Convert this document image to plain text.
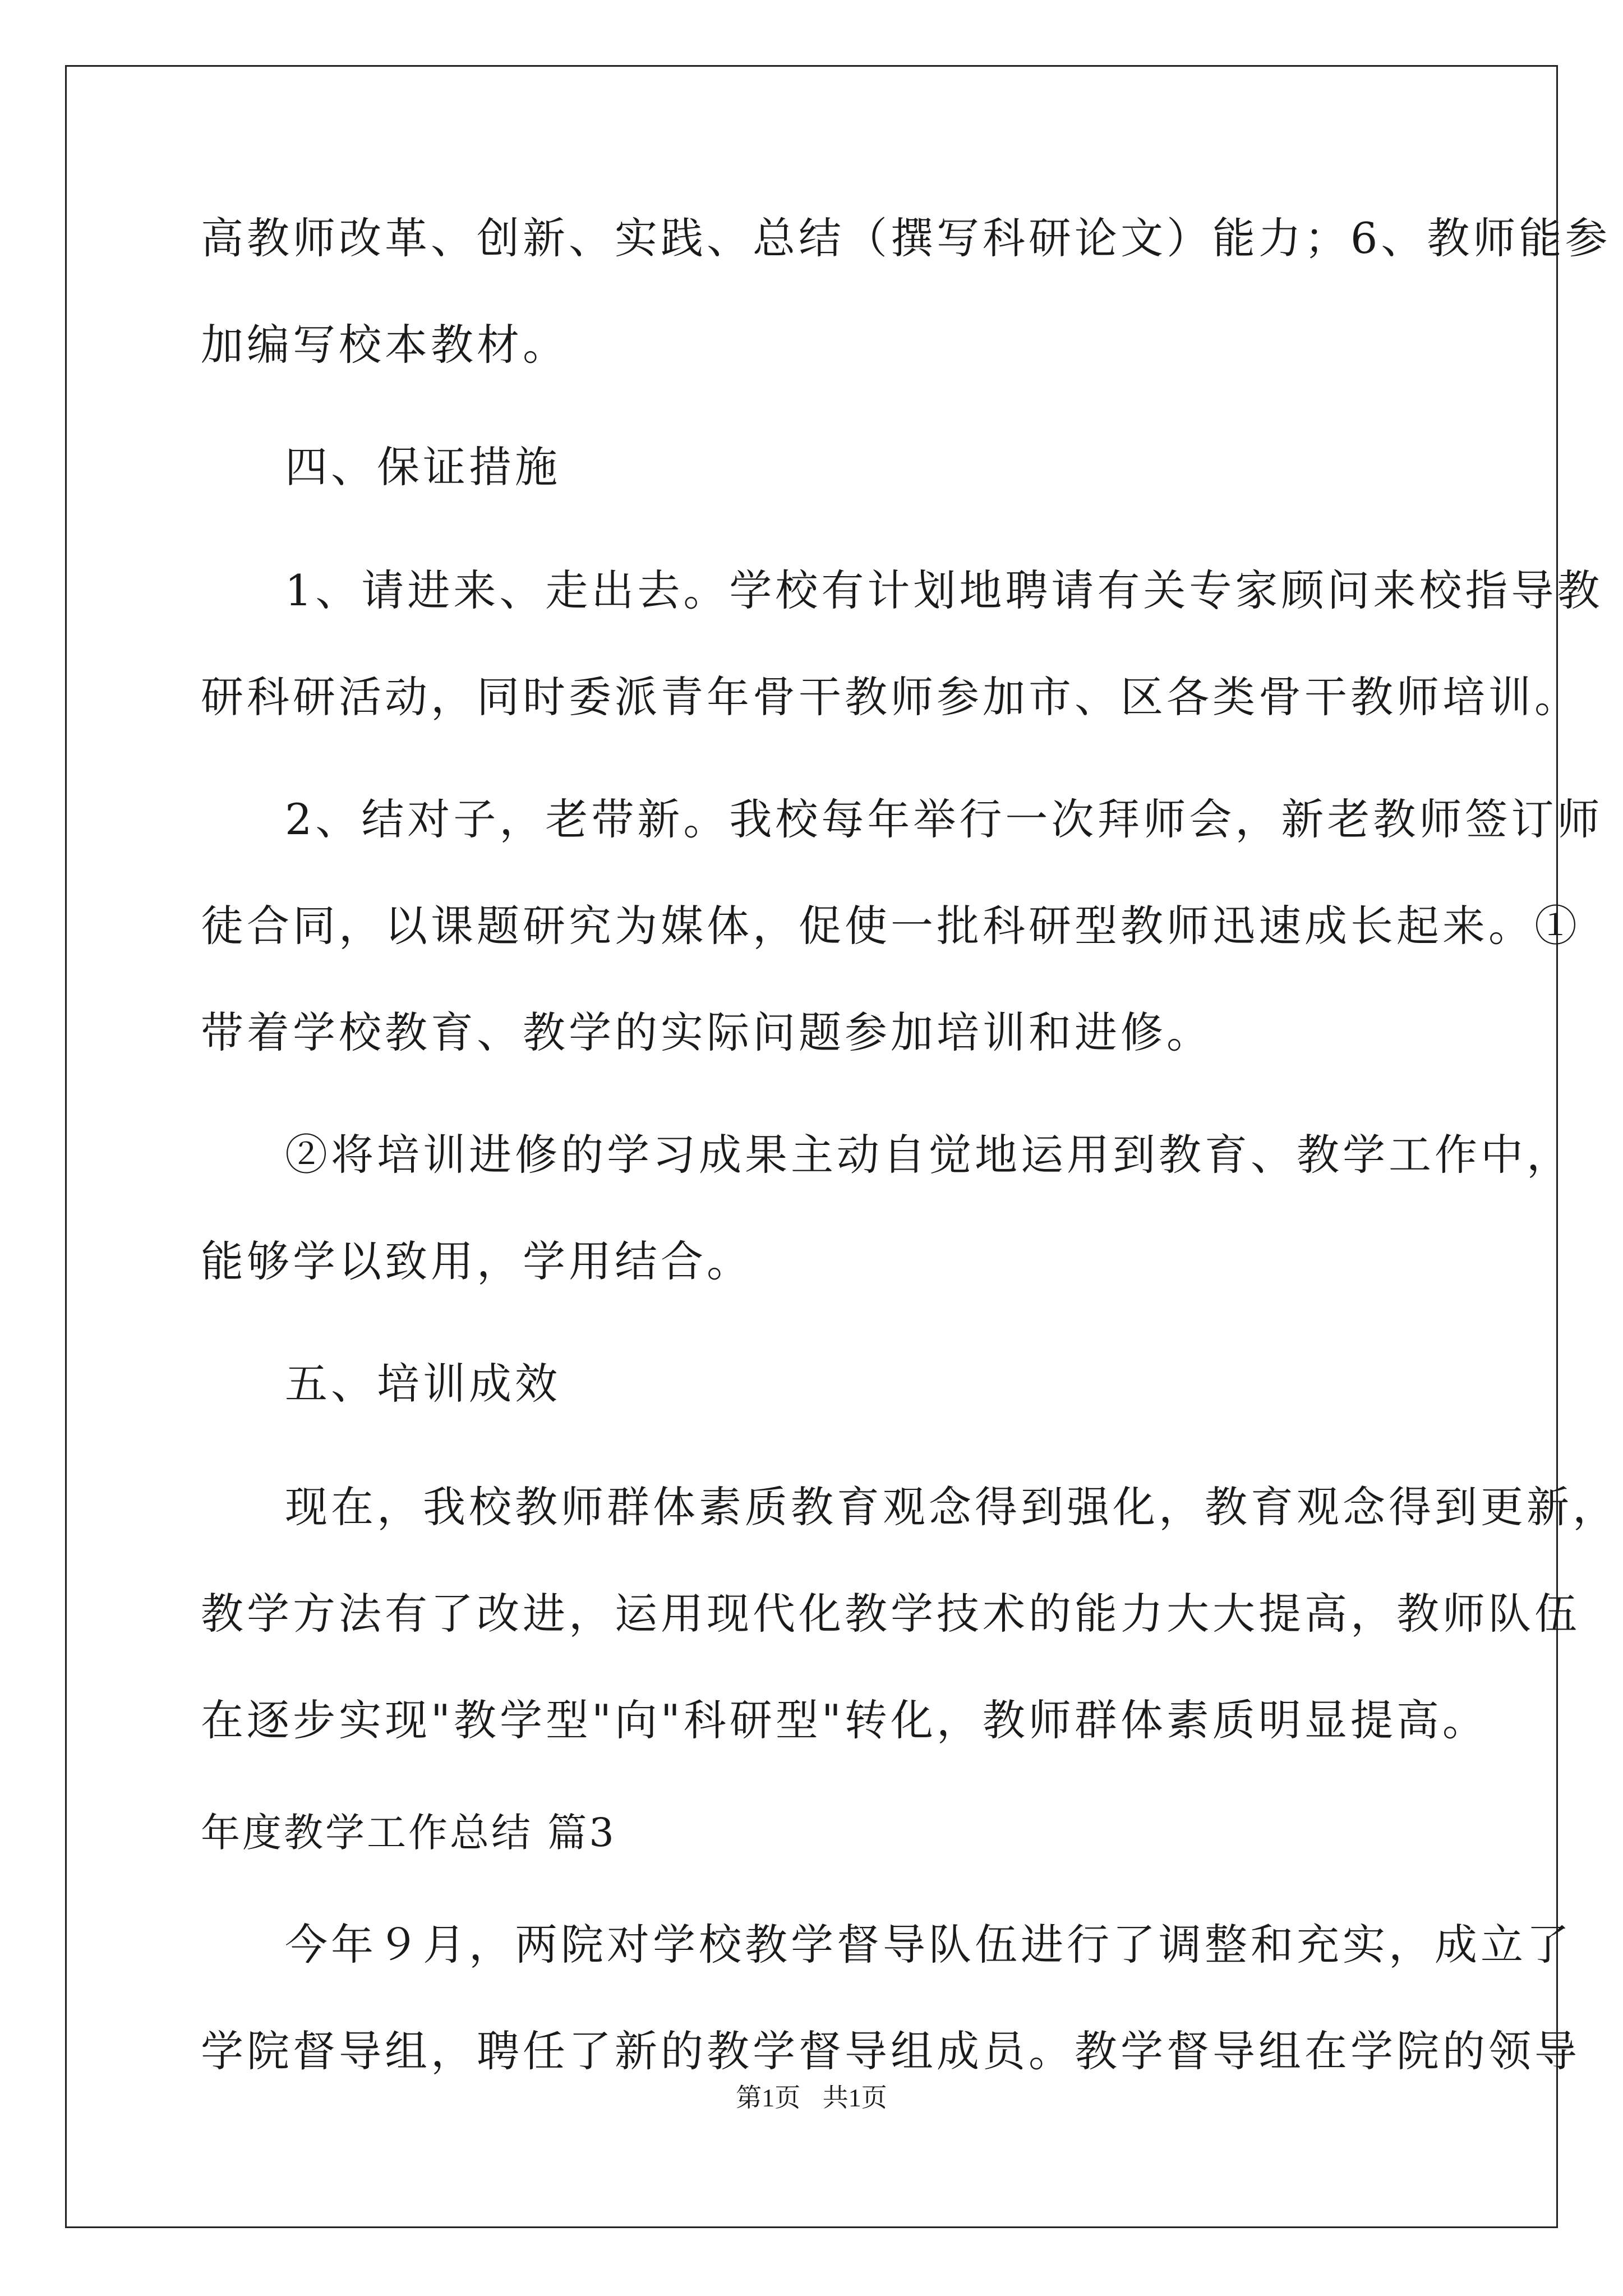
高教师改革、创新、实践、总结（撰写科研论文）能力；6、教师能参
加编写校本教材。
四、保证措施
1、请进来、走出去。学校有计划地聘请有关专家顾问来校指导教
研科研活动，同时委派青年骨干教师参加市、区各类骨干教师培训。
2、结对子，老带新。我校每年举行一次拜师会，新老教师签订师
徒合同，以课题研究为媒体，促使一批科研型教师迅速成长起来。①
带着学校教育、教学的实际问题参加培训和进修。
②将培训进修的学习成果主动自觉地运用到教育、教学工作中，
能够学以致用，学用结合。
五、培训成效
现在，我校教师群体素质教育观念得到强化，教育观念得到更新，
教学方法有了改进，运用现代化教学技术的能力大大提高，教师队伍
在逐步实现"教学型"向"科研型"转化，教师群体素质明显提高。
年度教学工作总结 篇3
今年９月，两院对学校教学督导队伍进行了调整和充实，成立了
学院督导组，聘任了新的教学督导组成员。教学督导组在学院的领导
第1页 共1页
